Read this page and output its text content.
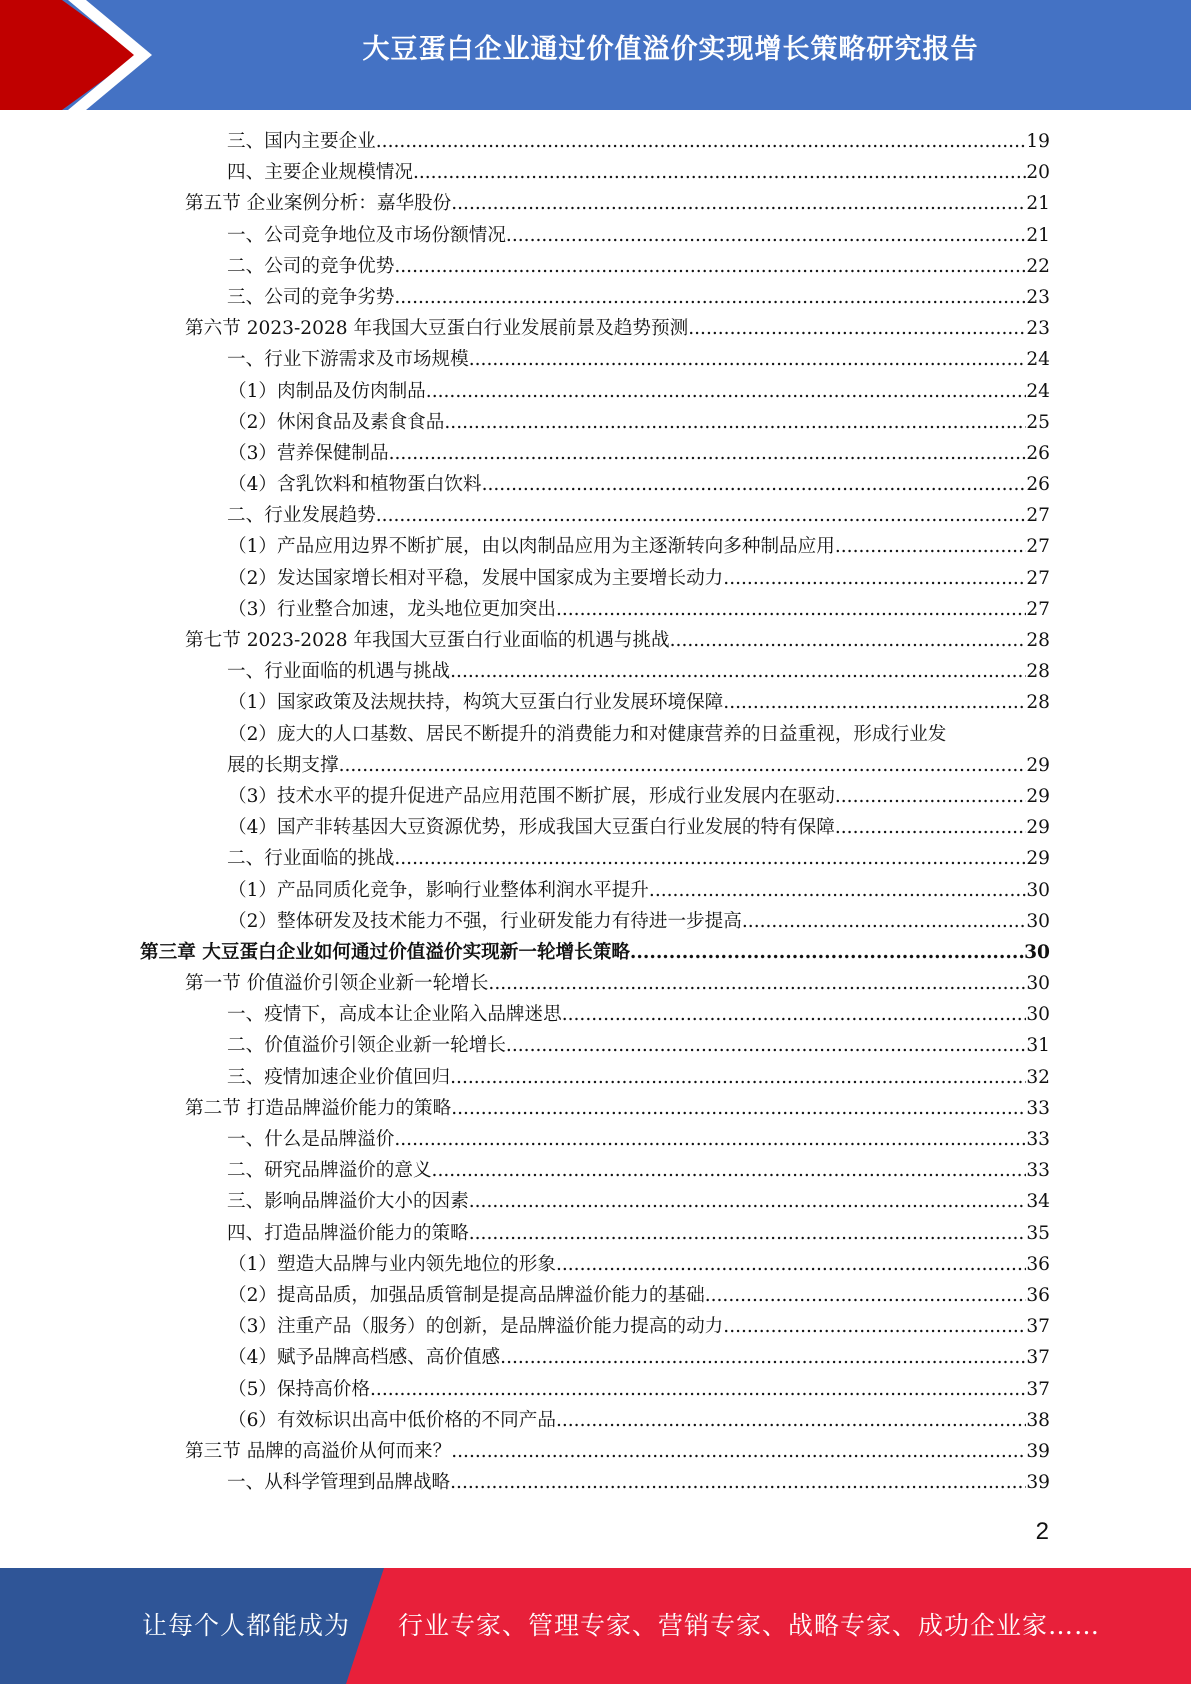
大豆蛋白企业通过价值溢价实现增长策略研究报告
三、国内主要企业 .....	19
四、主要企业规模情况 .....	20
第五节 企业案例分析：嘉华股份 .....	21
一、公司竞争地位及市场份额情况 .....	21
二、公司的竞争优势 .....	22
三、公司的竞争劣势 .....	23
第六节 2023-2028 年我国大豆蛋白行业发展前景及趋势预测 .....	23
一、行业下游需求及市场规模 .....	24
（1）肉制品及仿肉制品 .....	24
（2）休闲食品及素食食品 .....	25
（3）营养保健制品 .....	26
（4）含乳饮料和植物蛋白饮料 .....	26
二、行业发展趋势 .....	27
（1）产品应用边界不断扩展，由以肉制品应用为主逐渐转向多种制品应用 .....	27
（2）发达国家增长相对平稳，发展中国家成为主要增长动力 .....	27
（3）行业整合加速，龙头地位更加突出 .....	27
第七节 2023-2028 年我国大豆蛋白行业面临的机遇与挑战 .....	28
一、行业面临的机遇与挑战 .....	28
（1）国家政策及法规扶持，构筑大豆蛋白行业发展环境保障 .....	28
（2）庞大的人口基数、居民不断提升的消费能力和对健康营养的日益重视，形成行业发
展的长期支撑 .....	29
（3）技术水平的提升促进产品应用范围不断扩展，形成行业发展内在驱动 .....	29
（4）国产非转基因大豆资源优势，形成我国大豆蛋白行业发展的特有保障 .....	29
二、行业面临的挑战 .....	29
（1）产品同质化竞争，影响行业整体利润水平提升 .....	30
（2）整体研发及技术能力不强，行业研发能力有待进一步提高 .....	30
第三章 大豆蛋白企业如何通过价值溢价实现新一轮增长策略 .....	30
第一节 价值溢价引领企业新一轮增长 .....	30
一、疫情下，高成本让企业陷入品牌迷思 .....	30
二、价值溢价引领企业新一轮增长 .....	31
三、疫情加速企业价值回归 .....	32
第二节 打造品牌溢价能力的策略 .....	33
一、什么是品牌溢价 .....	33
二、研究品牌溢价的意义 .....	33
三、影响品牌溢价大小的因素 .....	34
四、打造品牌溢价能力的策略 .....	35
（1）塑造大品牌与业内领先地位的形象 .....	36
（2）提高品质，加强品质管制是提高品牌溢价能力的基础 .....	36
（3）注重产品（服务）的创新，是品牌溢价能力提高的动力 .....	37
（4）赋予品牌高档感、高价值感 .....	37
（5）保持高价格 .....	37
（6）有效标识出高中低价格的不同产品 .....	38
第三节 品牌的高溢价从何而来？ .....	39
一、从科学管理到品牌战略 .....	39
2
让每个人都能成为 行业专家、管理专家、营销专家、战略专家、成功企业家……
